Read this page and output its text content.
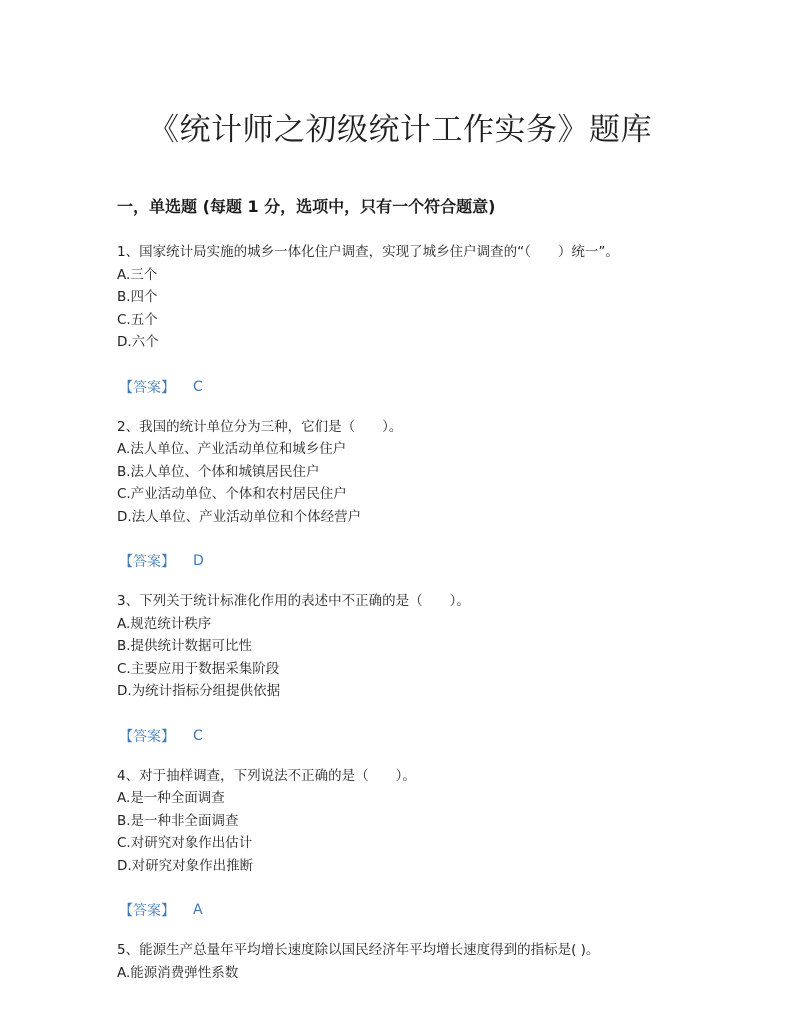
《统计师之初级统计工作实务》题库
一，单选题 (每题 1 分，选项中，只有一个符合题意)
1、国家统计局实施的城乡一体化住户调查，实现了城乡住户调查的“（　　）统一”。
A.三个
B.四个
C.五个
D.六个
【答案】 C
2、我国的统计单位分为三种，它们是（　　）。
A.法人单位、产业活动单位和城乡住户
B.法人单位、个体和城镇居民住户
C.产业活动单位、个体和农村居民住户
D.法人单位、产业活动单位和个体经营户
【答案】 D
3、下列关于统计标准化作用的表述中不正确的是（　　）。
A.规范统计秩序
B.提供统计数据可比性
C.主要应用于数据采集阶段
D.为统计指标分组提供依据
【答案】 C
4、对于抽样调查，下列说法不正确的是（　　）。
A.是一种全面调查
B.是一种非全面调查
C.对研究对象作出估计
D.对研究对象作出推断
【答案】 A
5、能源生产总量年平均增长速度除以国民经济年平均增长速度得到的指标是( )。
A.能源消费弹性系数
